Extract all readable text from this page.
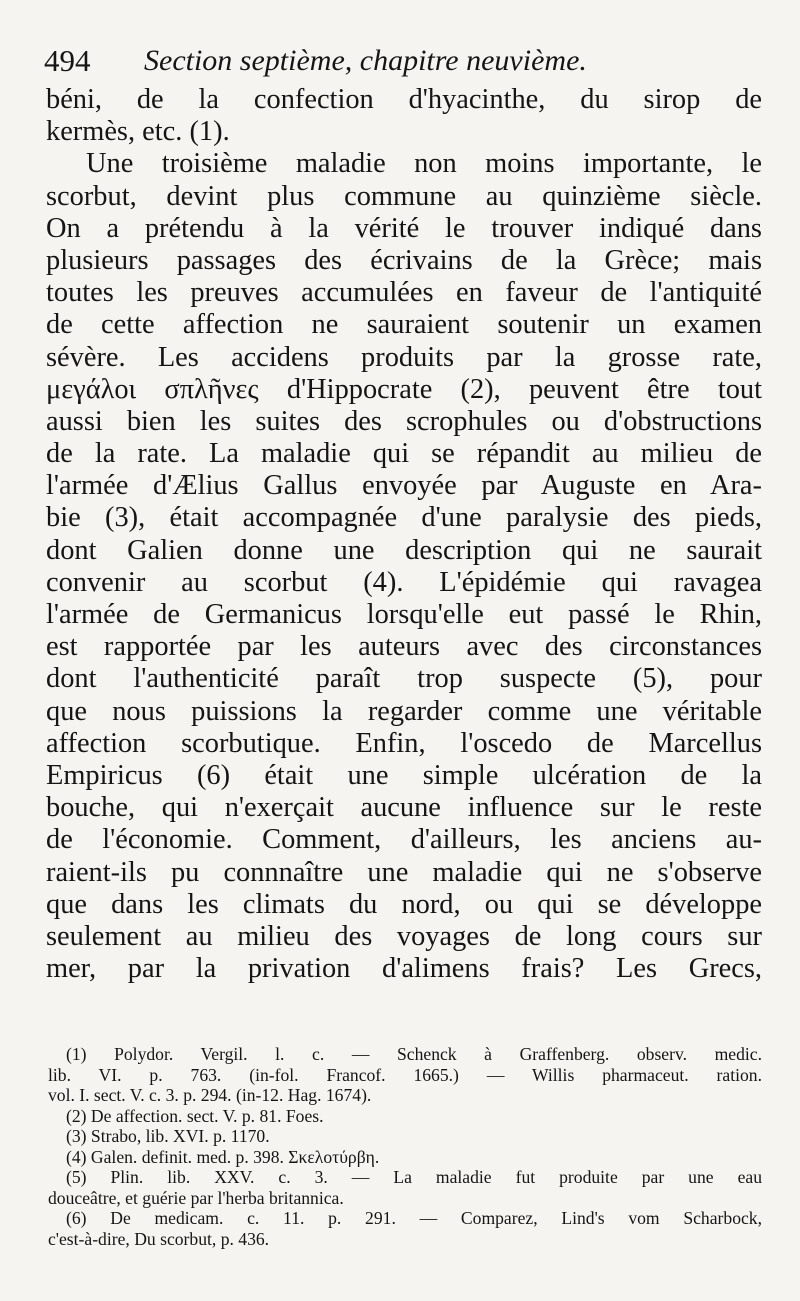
494 Section septième, chapitre neuvième.
béni, de la confection d'hyacinthe, du sirop de
kermès, etc. (1).
Une troisième maladie non moins importante, le
scorbut, devint plus commune au quinzième siècle.
On a prétendu à la vérité le trouver indiqué dans
plusieurs passages des écrivains de la Grèce; mais
toutes les preuves accumulées en faveur de l'antiquité
de cette affection ne sauraient soutenir un examen
sévère. Les accidens produits par la grosse rate,
μεγάλοι σπλῆνες d'Hippocrate (2), peuvent être tout
aussi bien les suites des scrophules ou d'obstructions
de la rate. La maladie qui se répandit au milieu de
l'armée d'Ælius Gallus envoyée par Auguste en Ara-
bie (3), était accompagnée d'une paralysie des pieds,
dont Galien donne une description qui ne saurait
convenir au scorbut (4). L'épidémie qui ravagea
l'armée de Germanicus lorsqu'elle eut passé le Rhin,
est rapportée par les auteurs avec des circonstances
dont l'authenticité paraît trop suspecte (5), pour
que nous puissions la regarder comme une véritable
affection scorbutique. Enfin, l'oscedo de Marcellus
Empiricus (6) était une simple ulcération de la
bouche, qui n'exerçait aucune influence sur le reste
de l'économie. Comment, d'ailleurs, les anciens au-
raient-ils pu connnaître une maladie qui ne s'observe
que dans les climats du nord, ou qui se développe
seulement au milieu des voyages de long cours sur
mer, par la privation d'alimens frais? Les Grecs,
(1) Polydor. Vergil. l. c. — Schenck à Graffenberg. observ. medic.
lib. VI. p. 763. (in-fol. Francof. 1665.) — Willis pharmaceut. ration.
vol. I. sect. V. c. 3. p. 294. (in-12. Hag. 1674).
(2) De affection. sect. V. p. 81. Foes.
(3) Strabo, lib. XVI. p. 1170.
(4) Galen. definit. med. p. 398. Σκελοτύρβη.
(5) Plin. lib. XXV. c. 3. — La maladie fut produite par une eau
douceâtre, et guérie par l'herba britannica.
(6) De medicam. c. 11. p. 291. — Comparez, Lind's vom Scharbock,
c'est-à-dire, Du scorbut, p. 436.
